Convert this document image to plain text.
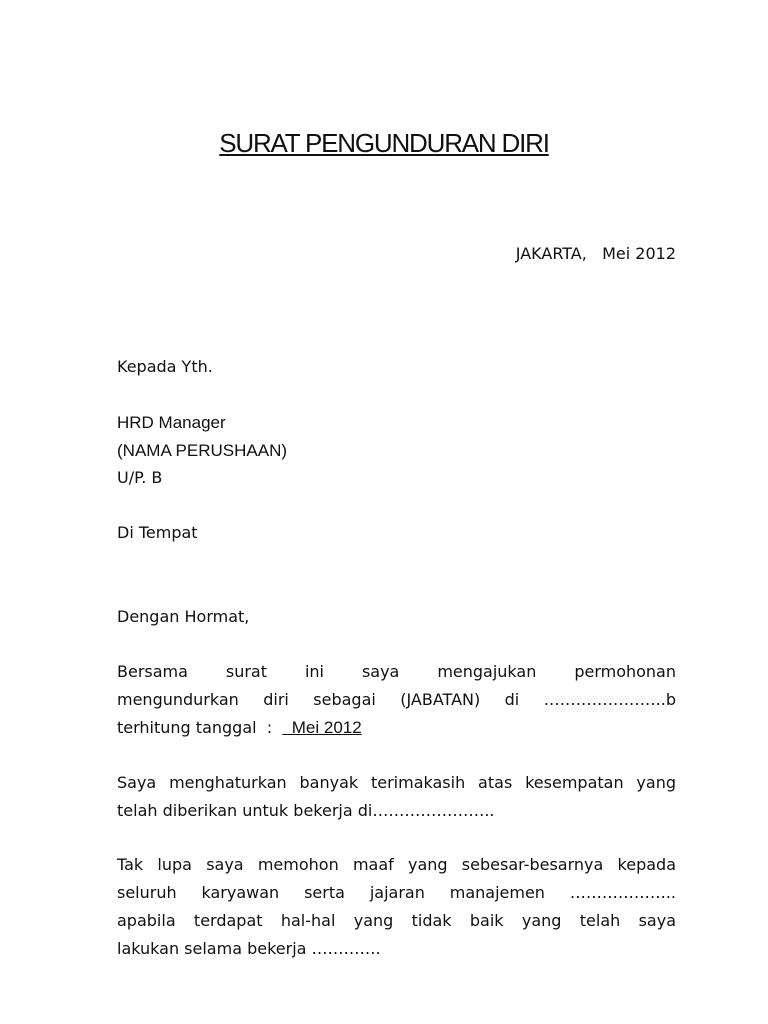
SURAT PENGUNDURAN DIRI
JAKARTA,   Mei 2012
Kepada Yth.
HRD Manager
(NAMA PERUSHAAN)
U/P. B
Di Tempat
Dengan Hormat,
Bersama surat ini saya mengajukan permohonan
mengundurkan diri sebagai (JABATAN) di …………………..b
terhitung tanggal  :    Mei 2012
Saya menghaturkan banyak terimakasih atas kesempatan yang
telah diberikan untuk bekerja di…………………..
Tak lupa saya memohon maaf yang sebesar-besarnya kepada
seluruh karyawan serta jajaran manajemen ………………..
apabila terdapat hal-hal yang tidak baik yang telah saya
lakukan selama bekerja ………….
